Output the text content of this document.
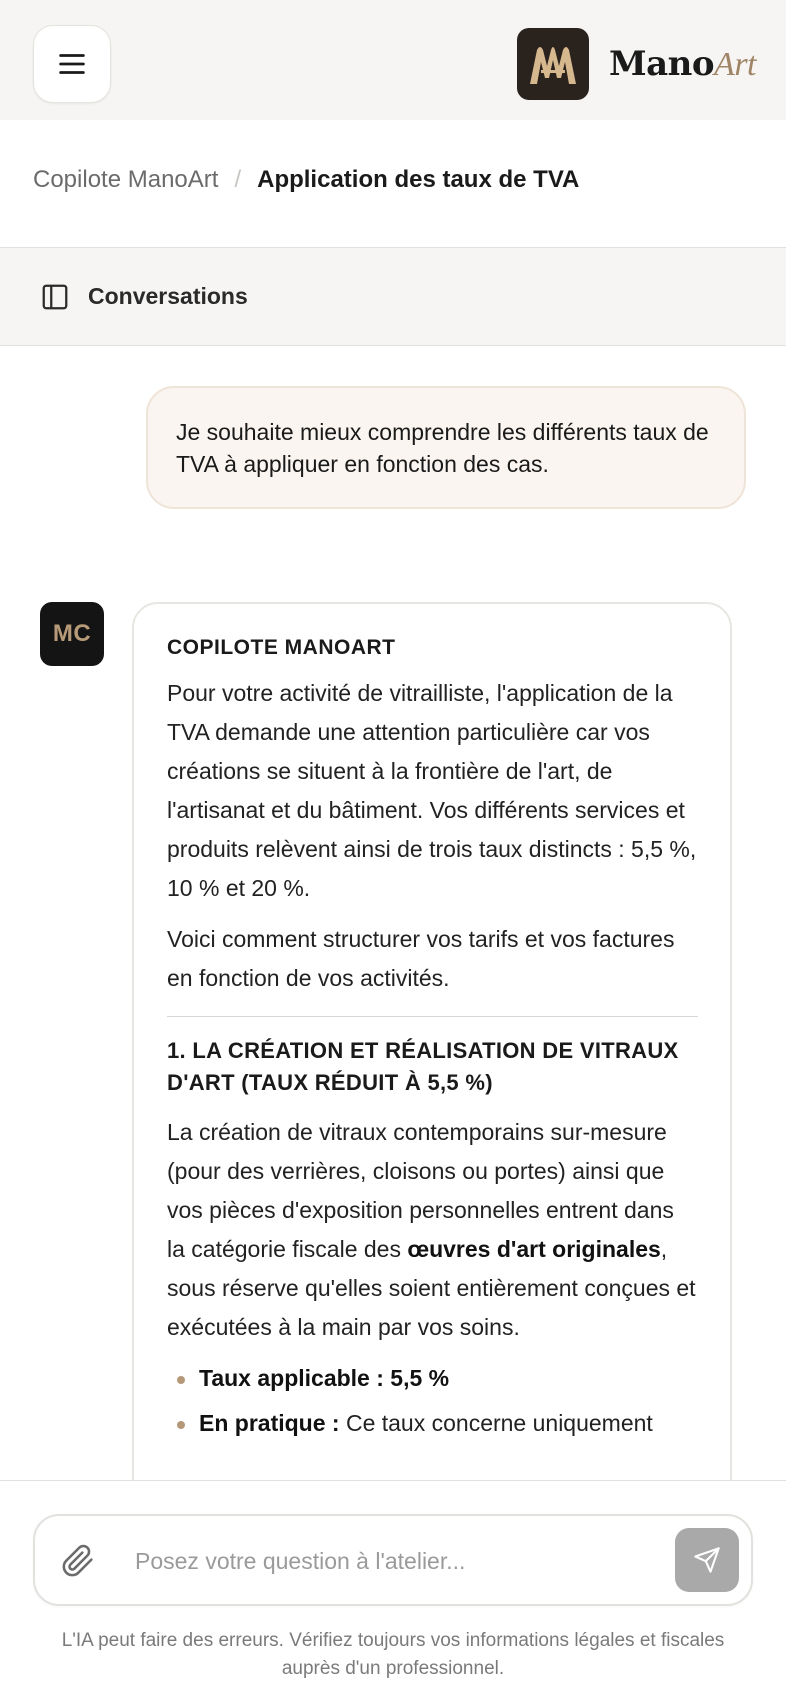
ManoArt
Copilote ManoArt / Application des taux de TVA
Conversations
Je souhaite mieux comprendre les différents taux de TVA à appliquer en fonction des cas.
MC
COPILOTE MANOART

Pour votre activité de vitrailliste, l'application de la TVA demande une attention particulière car vos créations se situent à la frontière de l'art, de l'artisanat et du bâtiment. Vos différents services et produits relèvent ainsi de trois taux distincts : 5,5 %, 10 % et 20 %.

Voici comment structurer vos tarifs et vos factures en fonction de vos activités.

1. LA CRÉATION ET RÉALISATION DE VITRAUX D'ART (TAUX RÉDUIT À 5,5 %)

La création de vitraux contemporains sur-mesure (pour des verrières, cloisons ou portes) ainsi que vos pièces d'exposition personnelles entrent dans la catégorie fiscale des œuvres d'art originales, sous réserve qu'elles soient entièrement conçues et exécutées à la main par vos soins.

Taux applicable : 5,5 %
En pratique : Ce taux concerne uniquement
Posez votre question à l'atelier...
L'IA peut faire des erreurs. Vérifiez toujours vos informations légales et fiscales auprès d'un professionnel.
